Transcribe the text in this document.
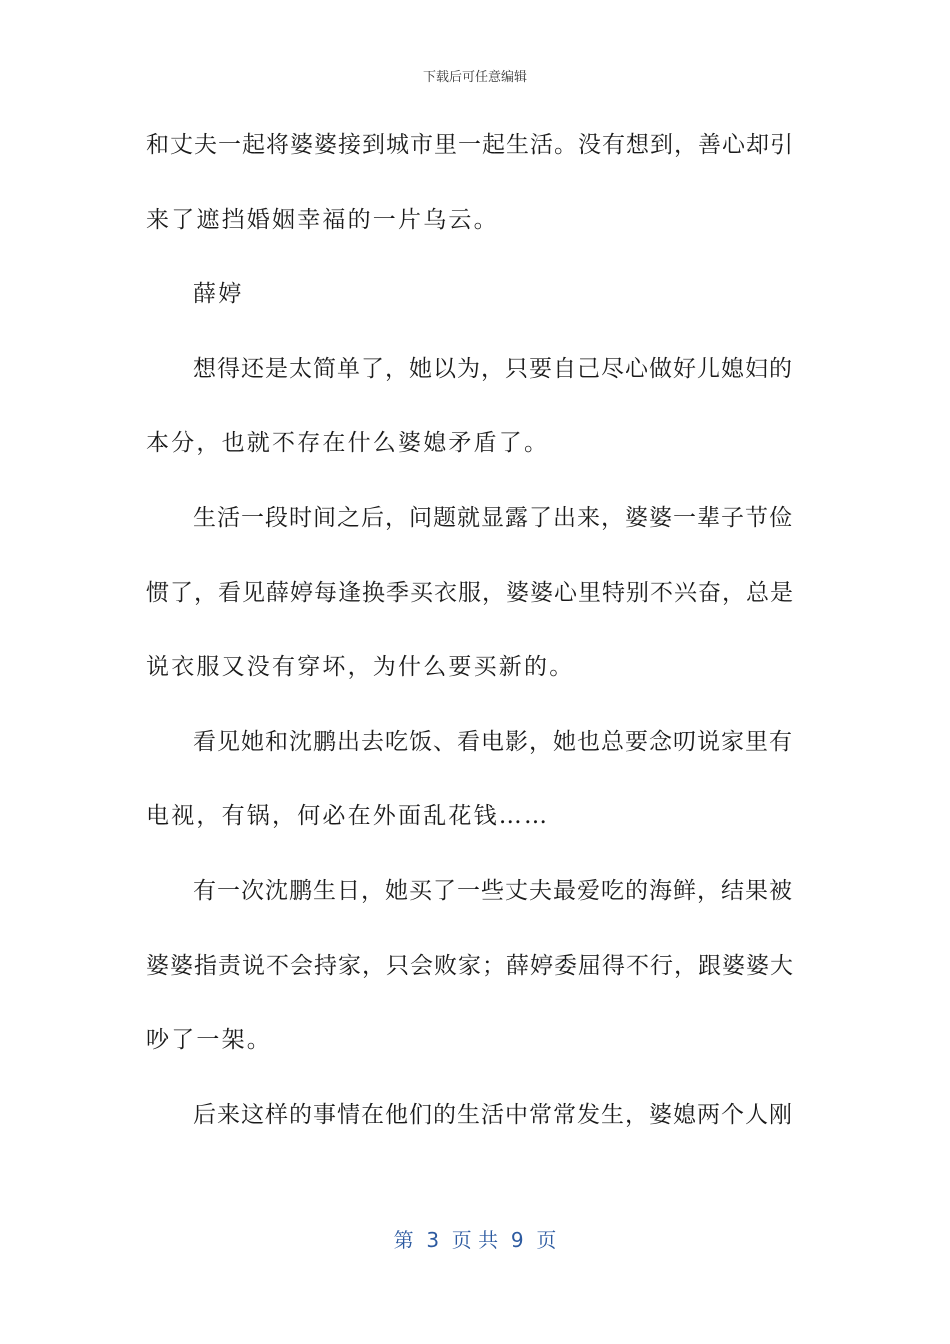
下载后可任意编辑
和丈夫一起将婆婆接到城市里一起生活。没有想到，善心却引
来了遮挡婚姻幸福的一片乌云。
薛婷
想得还是太简单了，她以为，只要自己尽心做好儿媳妇的
本分，也就不存在什么婆媳矛盾了。
生活一段时间之后，问题就显露了出来，婆婆一辈子节俭
惯了，看见薛婷每逢换季买衣服，婆婆心里特别不兴奋，总是
说衣服又没有穿坏，为什么要买新的。
看见她和沈鹏出去吃饭、看电影，她也总要念叨说家里有
电视，有锅，何必在外面乱花钱……
有一次沈鹏生日，她买了一些丈夫最爱吃的海鲜，结果被
婆婆指责说不会持家，只会败家；薛婷委屈得不行，跟婆婆大
吵了一架。
后来这样的事情在他们的生活中常常发生，婆媳两个人刚
第  3  页 共  9  页
